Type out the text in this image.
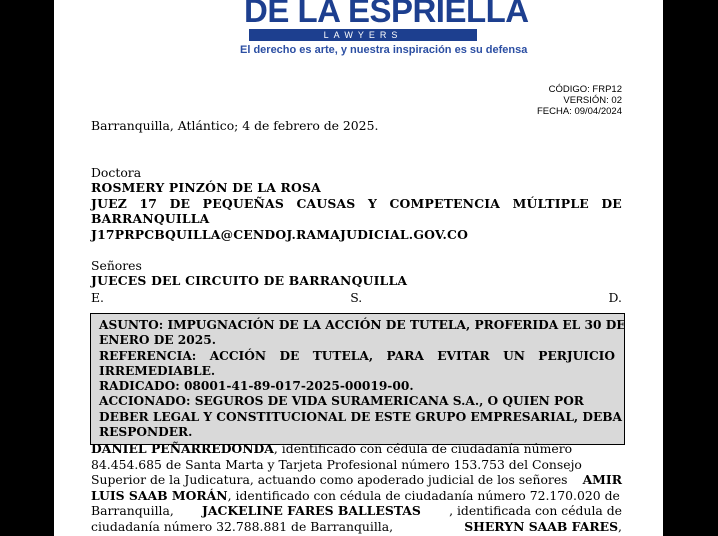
DE LA ESPRIELLA
LAWYERS
El derecho es arte, y nuestra inspiración es su defensa
CÓDIGO: FRP12
VERSIÓN: 02
FECHA: 09/04/2024
Barranquilla, Atlántico; 4 de febrero de 2025.
Doctora
ROSMERY PINZÓN DE LA ROSA
JUEZ 17 DE PEQUEÑAS CAUSAS Y COMPETENCIA MÚLTIPLE DE
BARRANQUILLA
J17PRPCBQUILLA@CENDOJ.RAMAJUDICIAL.GOV.CO
Señores
JUECES DEL CIRCUITO DE BARRANQUILLA
E.	S.	D.
ASUNTO: IMPUGNACIÓN DE LA ACCIÓN DE TUTELA, PROFERIDA EL 30 DE
ENERO DE 2025.
REFERENCIA: ACCIÓN DE TUTELA, PARA EVITAR UN PERJUICIO
IRREMEDIABLE.
RADICADO: 08001-41-89-017-2025-00019-00.
ACCIONADO: SEGUROS DE VIDA SURAMERICANA S.A., O QUIEN POR
DEBER LEGAL Y CONSTITUCIONAL DE ESTE GRUPO EMPRESARIAL, DEBA
RESPONDER.
DANIEL PEÑARREDONDA, identificado con cédula de ciudadanía número
84.454.685 de Santa Marta y Tarjeta Profesional número 153.753 del Consejo
Superior de la Judicatura, actuando como apoderado judicial de los señores AMIR
LUIS SAAB MORÁN, identificado con cédula de ciudadanía número 72.170.020 de
Barranquilla, JACKELINE FARES BALLESTAS , identificada con cédula de
ciudadanía número 32.788.881 de Barranquilla,	SHERYN SAAB FARES,
